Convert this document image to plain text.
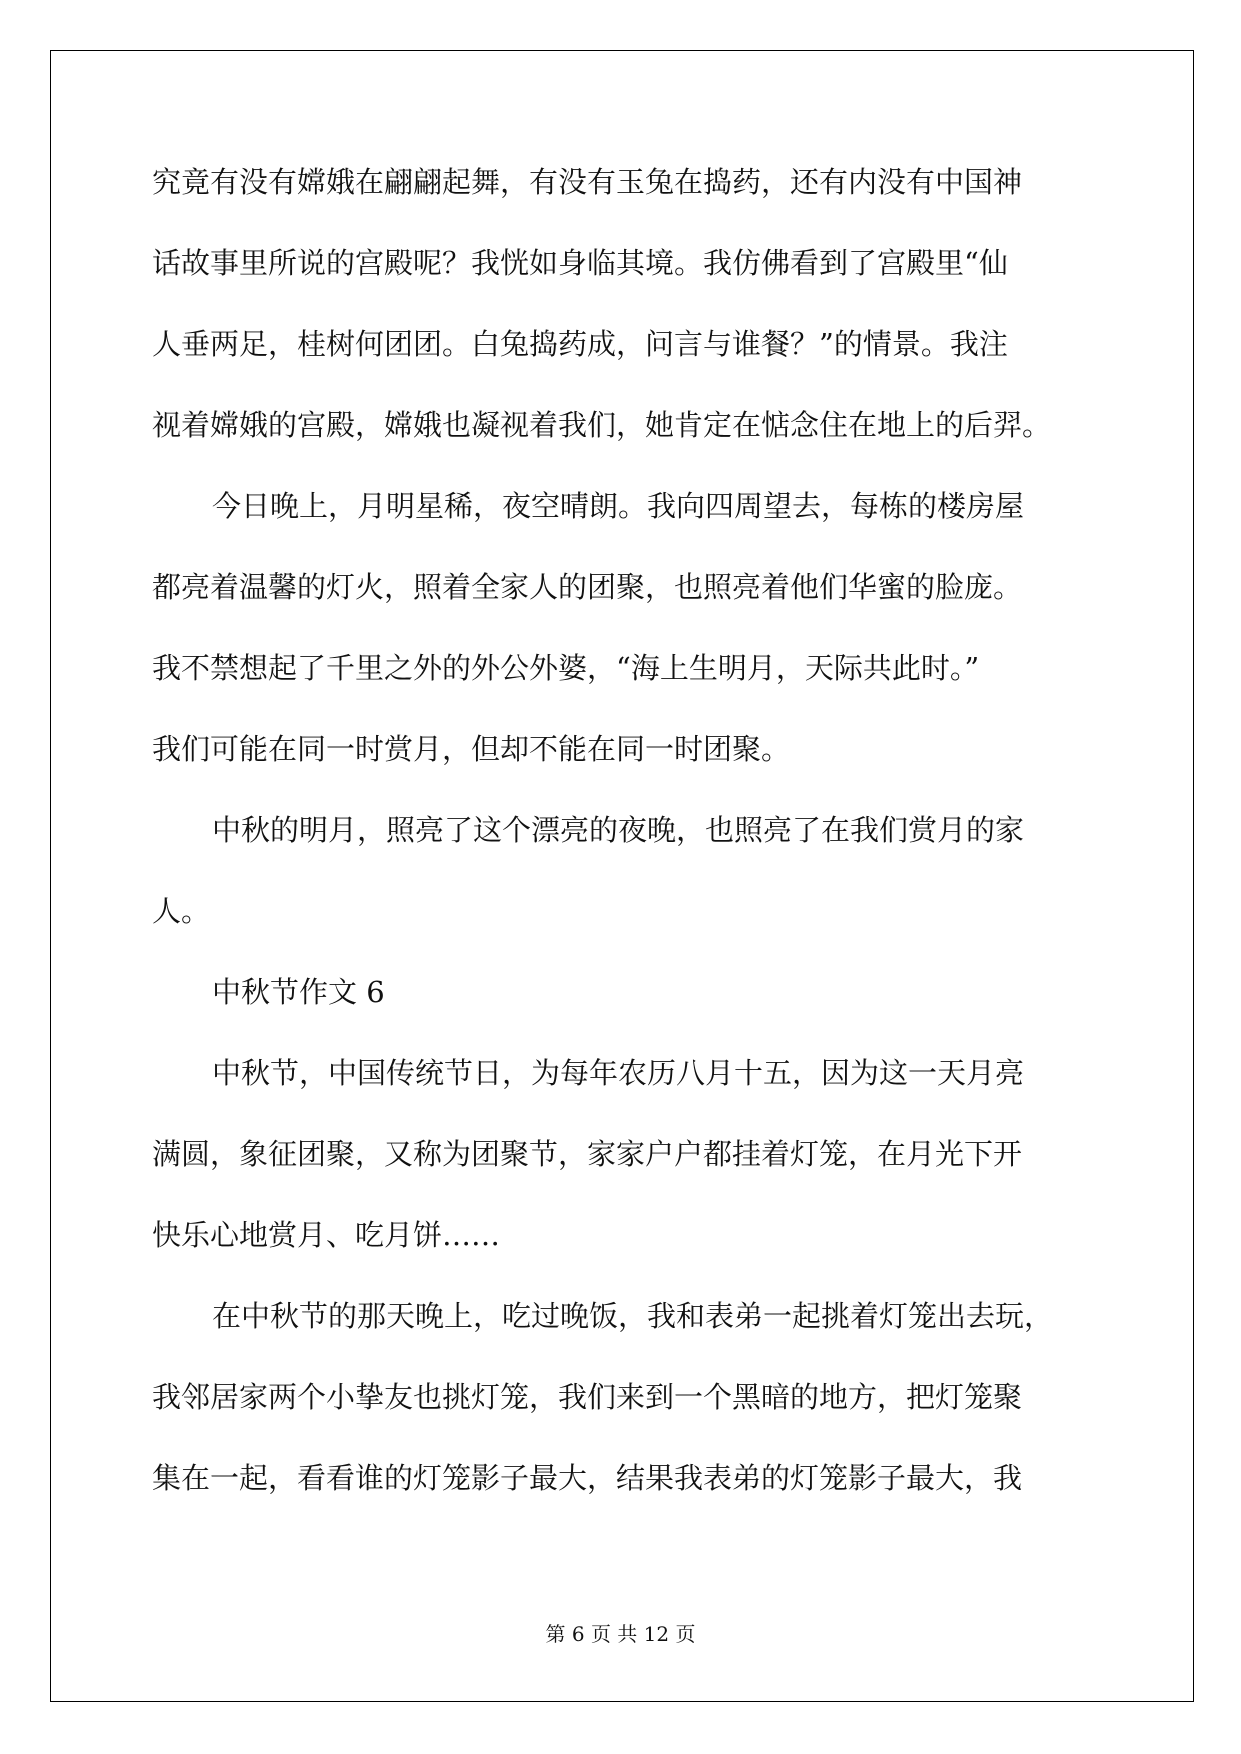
究竟有没有嫦娥在翩翩起舞，有没有玉兔在捣药，还有内没有中国神
话故事里所说的宫殿呢？我恍如身临其境。我仿佛看到了宫殿里“仙
人垂两足，桂树何团团。白兔捣药成，问言与谁餐？”的情景。我注
视着嫦娥的宫殿，嫦娥也凝视着我们，她肯定在惦念住在地上的后羿。
今日晚上，月明星稀，夜空晴朗。我向四周望去，每栋的楼房屋
都亮着温馨的灯火，照着全家人的团聚，也照亮着他们华蜜的脸庞。
我不禁想起了千里之外的外公外婆，“海上生明月，天际共此时。”
我们可能在同一时赏月，但却不能在同一时团聚。
中秋的明月，照亮了这个漂亮的夜晚，也照亮了在我们赏月的家
人。
中秋节作文 6
中秋节，中国传统节日，为每年农历八月十五，因为这一天月亮
满圆，象征团聚，又称为团聚节，家家户户都挂着灯笼，在月光下开
快乐心地赏月、吃月饼……
在中秋节的那天晚上，吃过晚饭，我和表弟一起挑着灯笼出去玩，
我邻居家两个小挚友也挑灯笼，我们来到一个黑暗的地方，把灯笼聚
集在一起，看看谁的灯笼影子最大，结果我表弟的灯笼影子最大，我
第 6 页 共 12 页
